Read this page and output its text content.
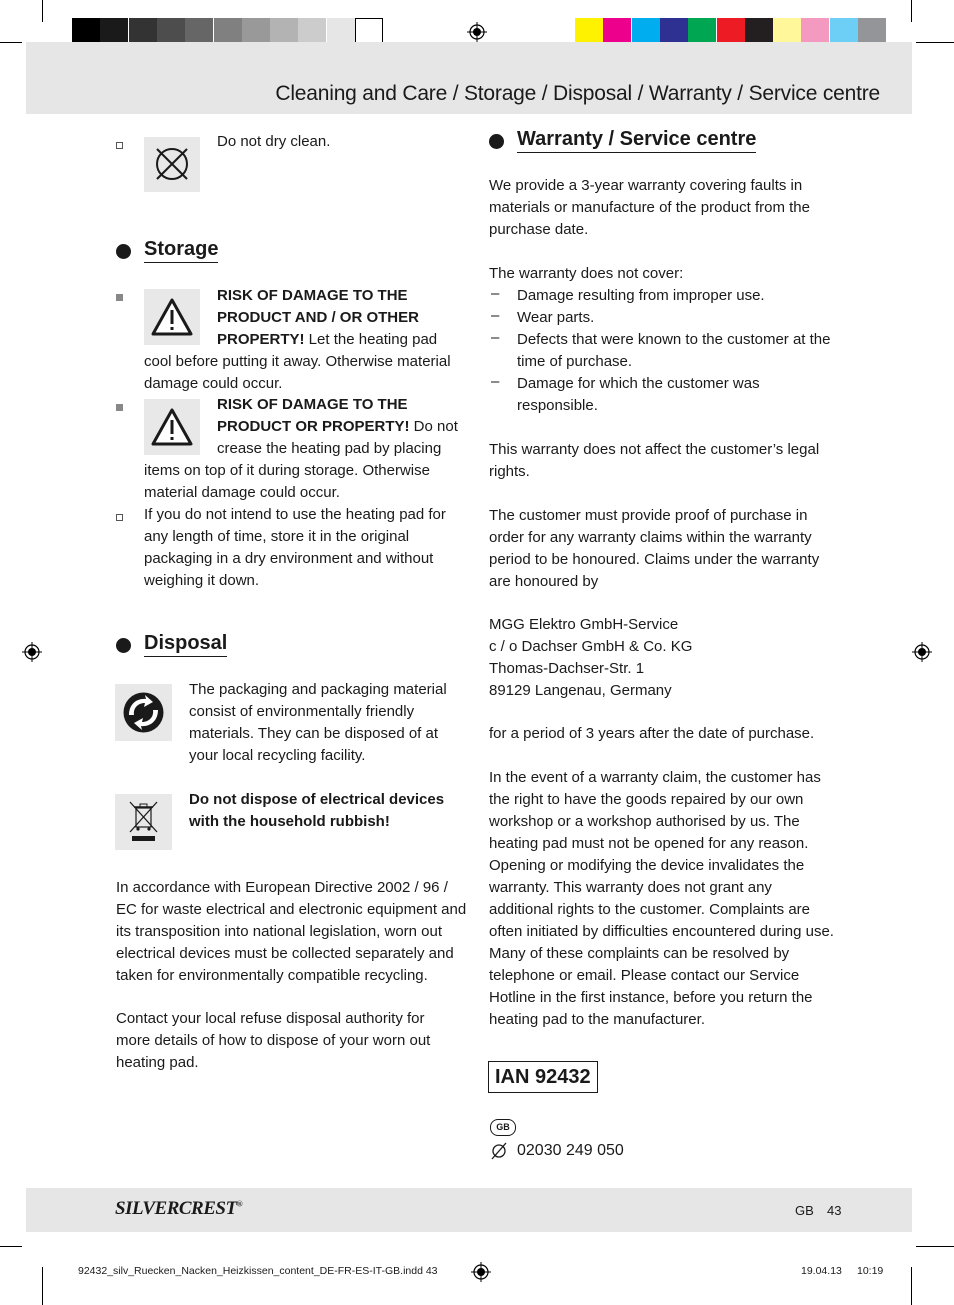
Cleaning and Care / Storage / Disposal / Warranty / Service centre
Do not dry clean.
Storage
RISK OF DAMAGE TO THE PRODUCT AND / OR OTHER PROPERTY! Let the heating pad cool before putting it away. Otherwise material damage could occur.
RISK OF DAMAGE TO THE PRODUCT OR PROPERTY! Do not crease the heating pad by placing items on top of it during storage. Otherwise material damage could occur.
If you do not intend to use the heating pad for any length of time, store it in the original packaging in a dry environment and without weighing it down.
Disposal
The packaging and packaging material consist of environmentally friendly materials. They can be disposed of at your local recycling facility.
Do not dispose of electrical devices with the household rubbish!
In accordance with European Directive 2002 / 96 / EC for waste electrical and electronic equipment and its transposition into national legislation, worn out electrical devices must be collected separately and taken for environmentally compatible recycling.
Contact your local refuse disposal authority for more details of how to dispose of your worn out heating pad.
Warranty / Service centre
We provide a 3-year warranty covering faults in materials or manufacture of the product from the purchase date.
The warranty does not cover:
– Damage resulting from improper use.
– Wear parts.
– Defects that were known to the customer at the time of purchase.
– Damage for which the customer was responsible.
This warranty does not affect the customer’s legal rights.
The customer must provide proof of purchase in order for any warranty claims within the warranty period to be honoured. Claims under the warranty are honoured by
MGG Elektro GmbH-Service
c / o Dachser GmbH & Co. KG
Thomas-Dachser-Str. 1
89129 Langenau, Germany
for a period of 3 years after the date of purchase.
In the event of a warranty claim, the customer has the right to have the goods repaired by our own workshop or a workshop authorised by us. The heating pad must not be opened for any reason. Opening or modifying the device invalidates the warranty. This warranty does not grant any additional rights to the customer. Complaints are often initiated by difficulties encountered during use. Many of these complaints can be resolved by telephone or email. Please contact our Service Hotline in the first instance, before you return the heating pad to the manufacturer.
IAN 92432
GB
02030 249 050
SILVERCREST®	GB 43
92432_silv_Ruecken_Nacken_Heizkissen_content_DE-FR-ES-IT-GB.indd 43	19.04.13 10:19
